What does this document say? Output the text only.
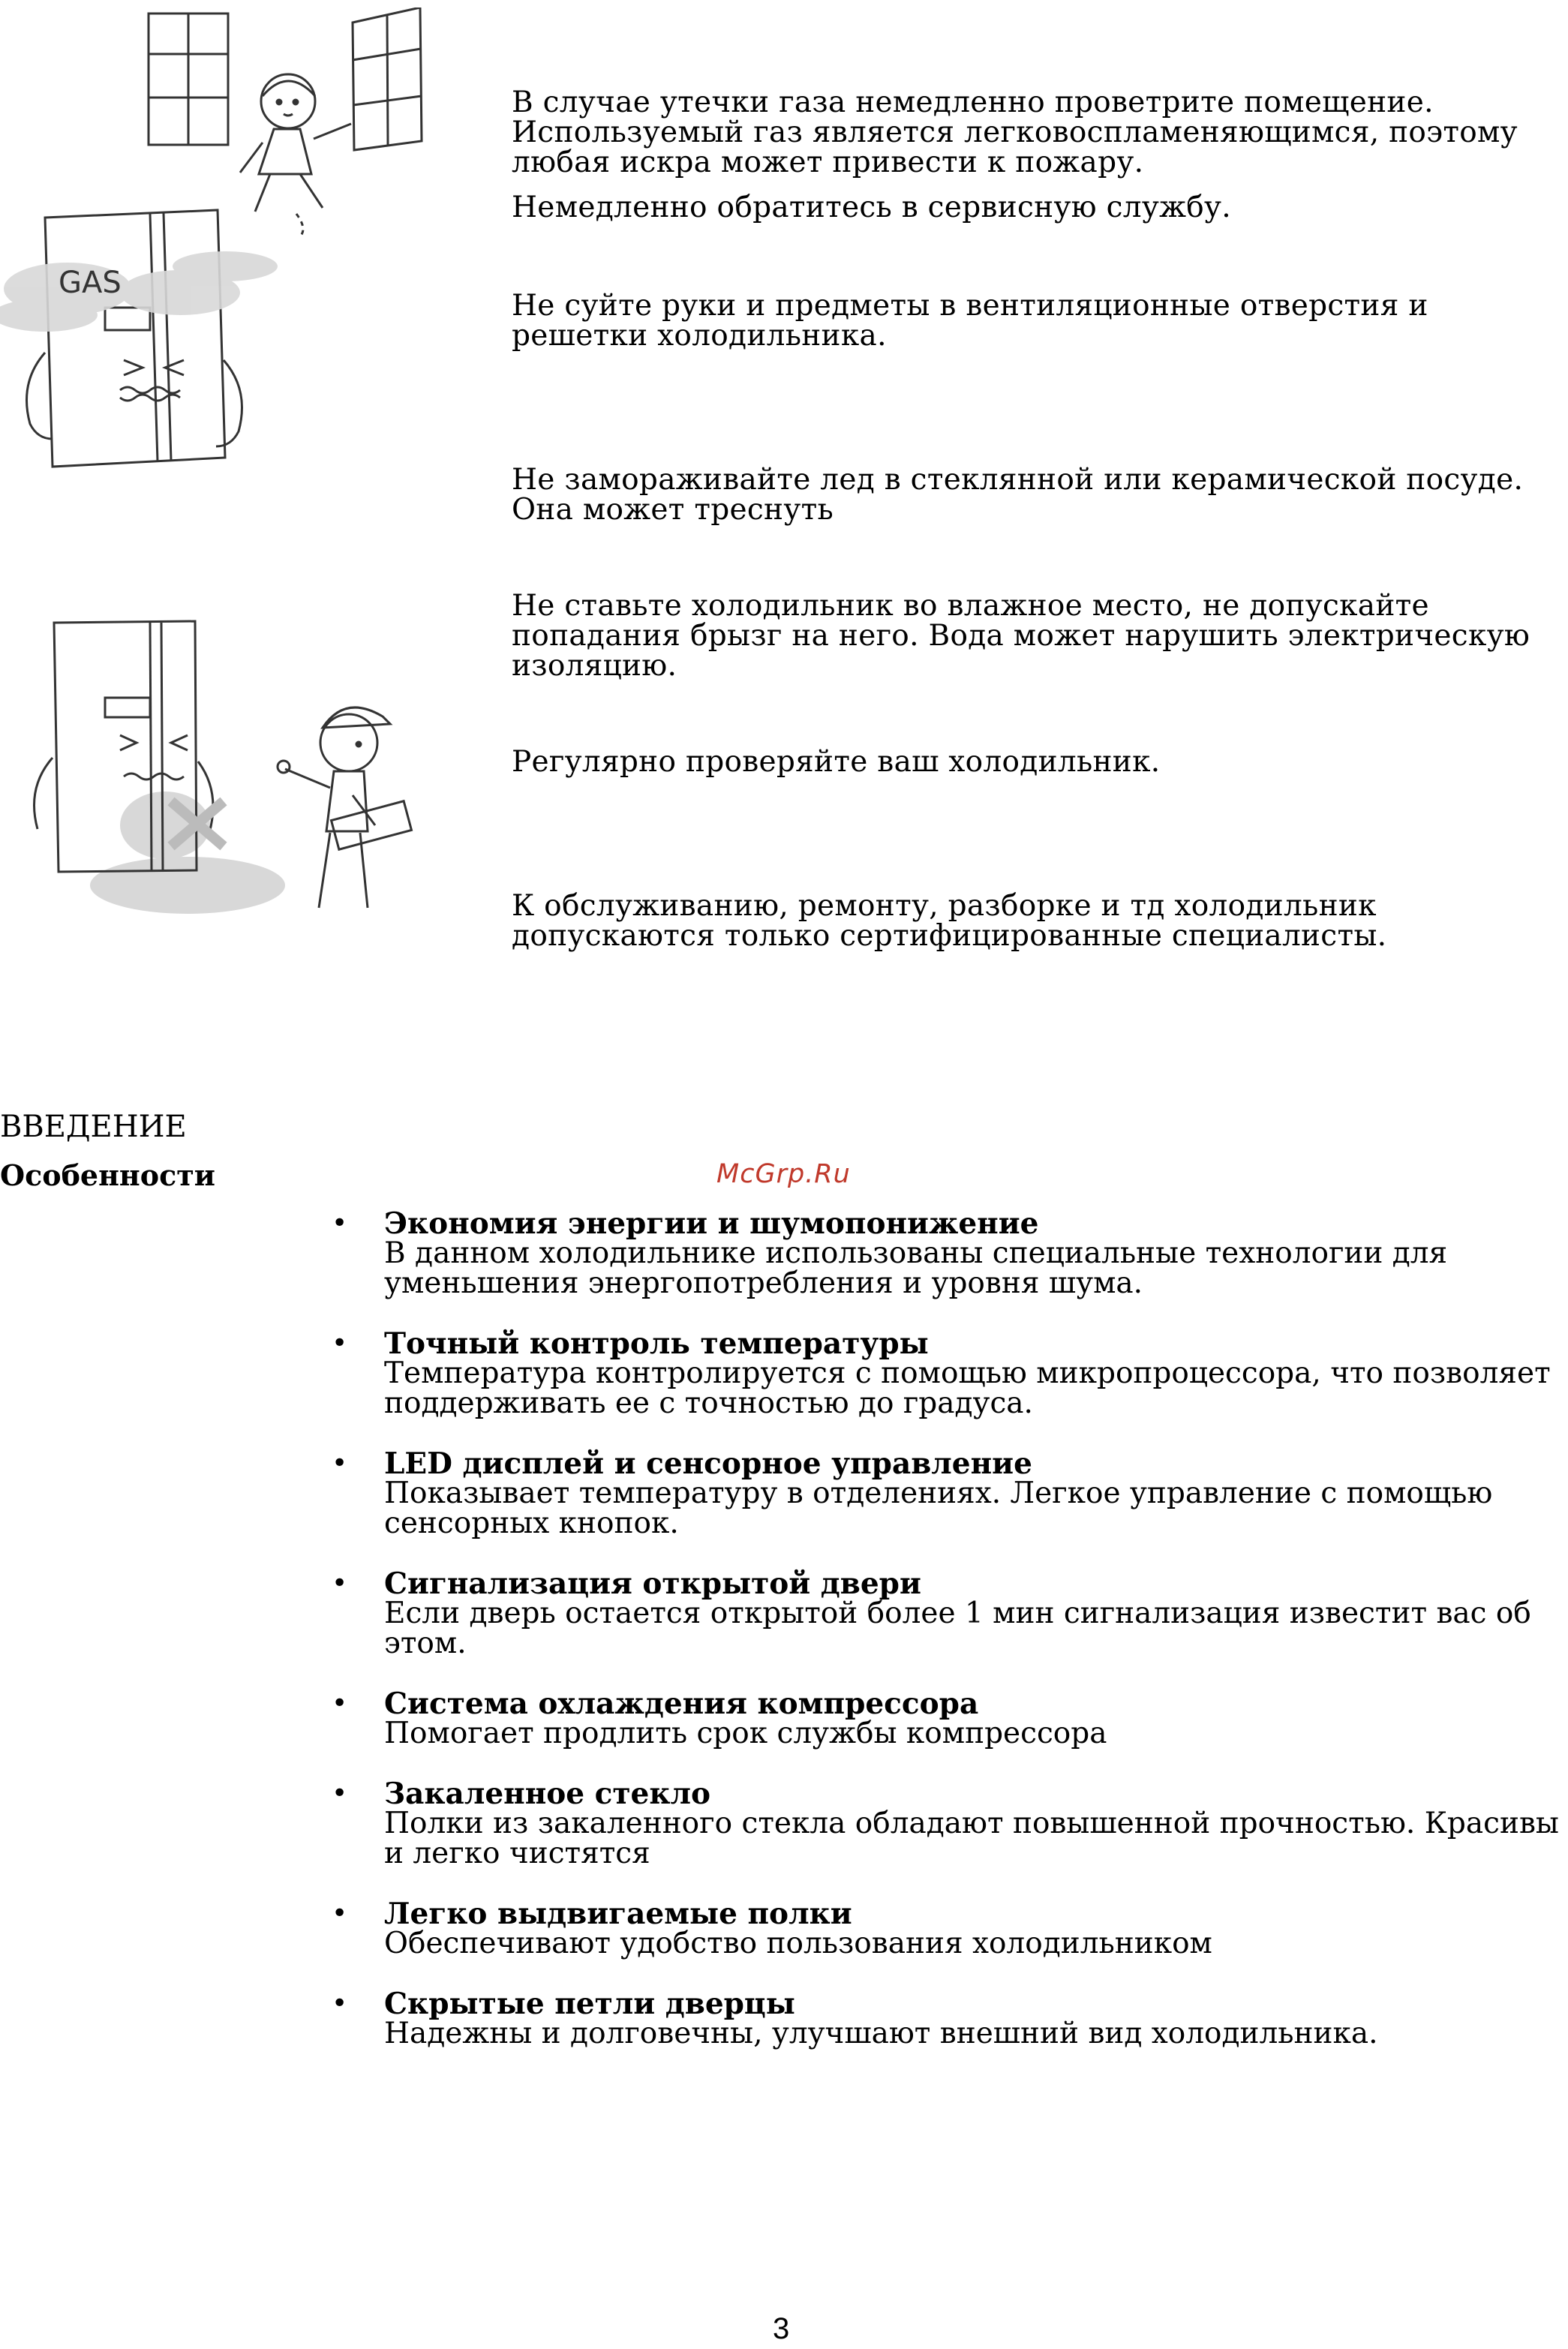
GAS

В случае утечки газа немедленно проветрите помещение. Используемый газ является легковоспламеняющимся, поэтому любая искра может привести к пожару.

Немедленно обратитесь в сервисную службу.

Не суйте руки и предметы в вентиляционные отверстия и решетки холодильника.

Не замораживайте лед в стеклянной или керамической посуде. Она может треснуть

Не ставьте холодильник во влажное место, не допускайте попадания брызг на него. Вода может нарушить электрическую изоляцию.

Регулярно проверяйте ваш холодильник.

К обслуживанию, ремонту, разборке и тд холодильник допускаются только сертифицированные специалисты.

ВВЕДЕНИЕ
Особенности	McGrp.Ru
• Экономия энергии и шумопонижение
В данном холодильнике использованы специальные технологии для уменьшения энергопотребления и уровня шума.
• Точный контроль температуры
Температура контролируется с помощью микропроцессора, что позволяет поддерживать ее с точностью до градуса.
• LED дисплей и сенсорное управление
Показывает температуру в отделениях. Легкое управление с помощью сенсорных кнопок.
• Сигнализация открытой двери
Если дверь остается открытой более 1 мин сигнализация известит вас об этом.
• Система охлаждения компрессора
Помогает продлить срок службы компрессора
• Закаленное стекло
Полки из закаленного стекла обладают повышенной прочностью. Красивы и легко чистятся
• Легко выдвигаемые полки
Обеспечивают удобство пользования холодильником
• Скрытые петли дверцы
Надежны и долговечны, улучшают внешний вид холодильника.
3
